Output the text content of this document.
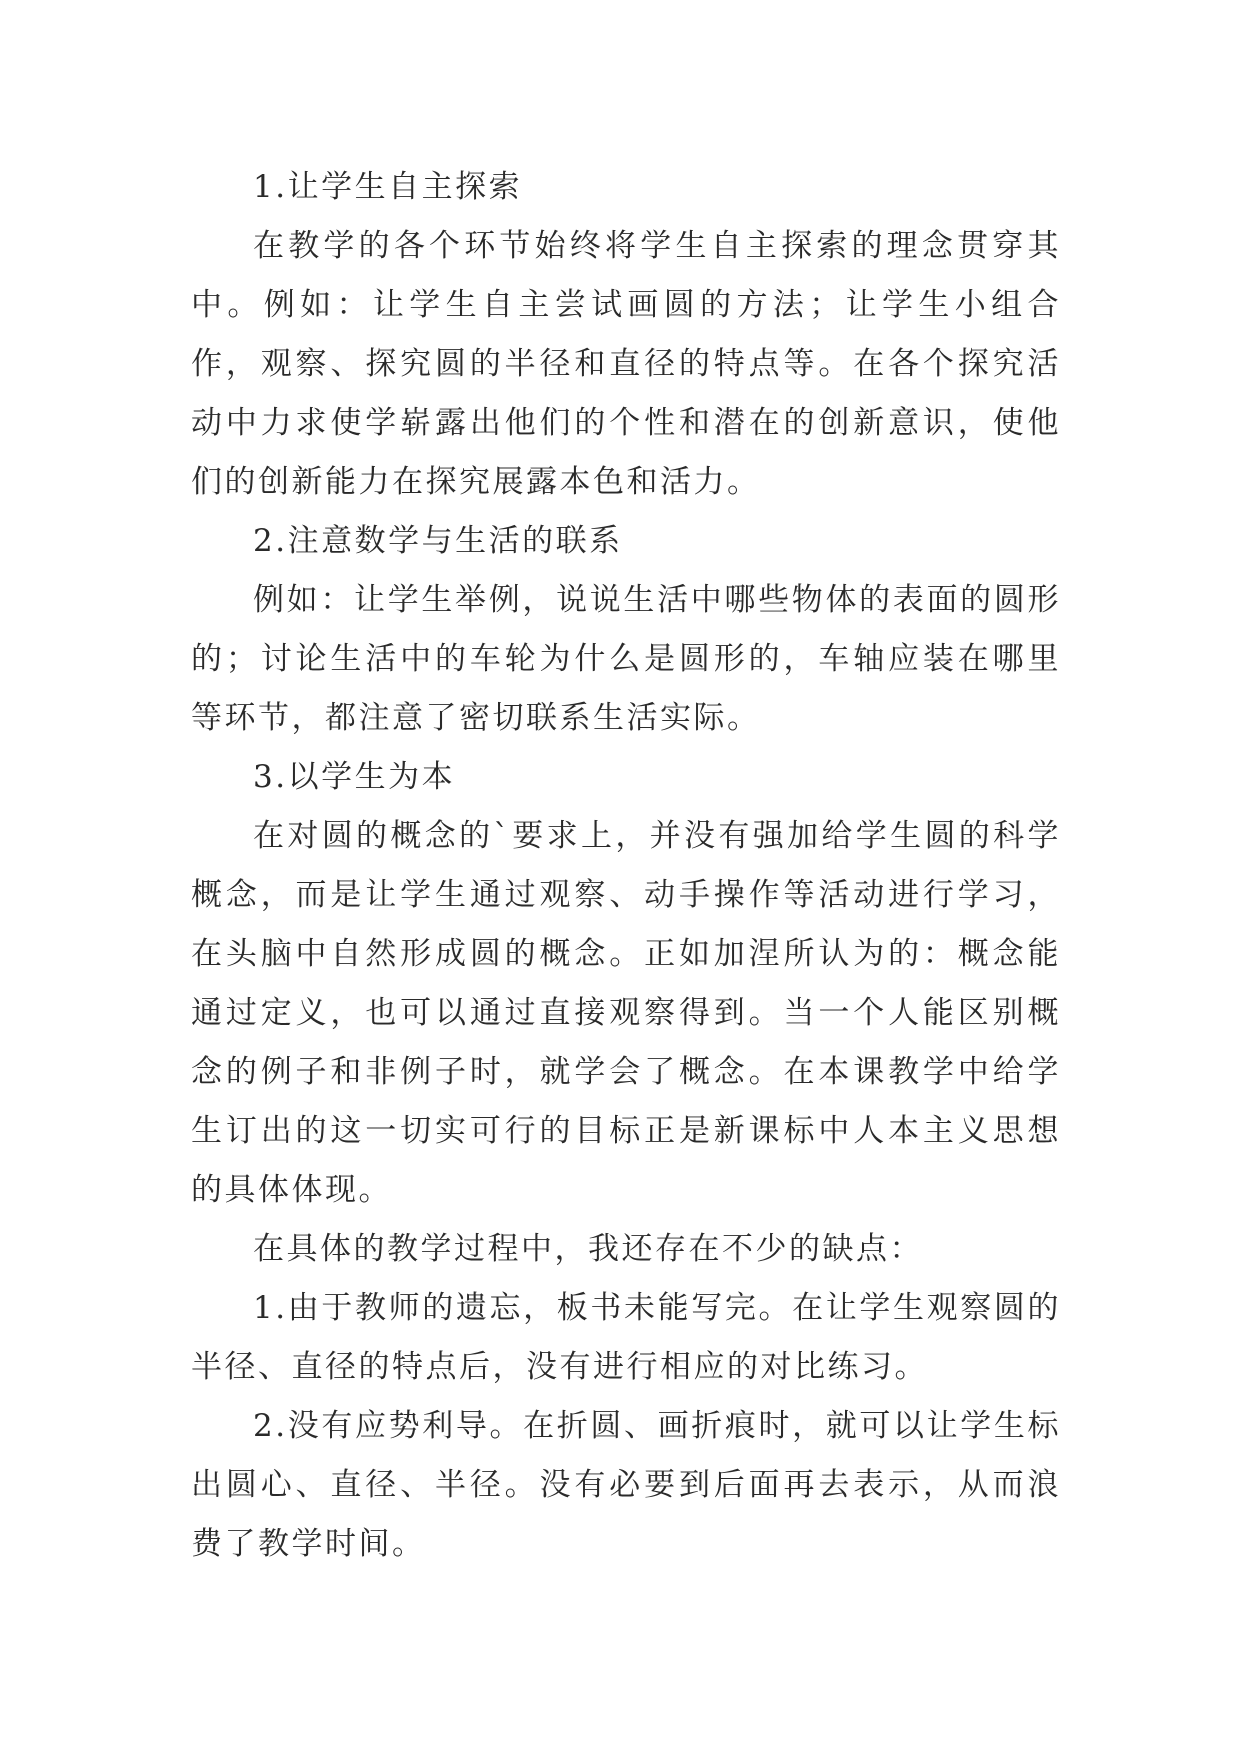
1.让学生自主探索

在教学的各个环节始终将学生自主探索的理念贯穿其中。例如：让学生自主尝试画圆的方法；让学生小组合作，观察、探究圆的半径和直径的特点等。在各个探究活动中力求使学崭露出他们的个性和潜在的创新意识，使他们的创新能力在探究展露本色和活力。

2.注意数学与生活的联系

例如：让学生举例，说说生活中哪些物体的表面的圆形的；讨论生活中的车轮为什么是圆形的，车轴应装在哪里等环节，都注意了密切联系生活实际。

3.以学生为本

在对圆的概念的`要求上，并没有强加给学生圆的科学概念，而是让学生通过观察、动手操作等活动进行学习，在头脑中自然形成圆的概念。正如加涅所认为的：概念能通过定义，也可以通过直接观察得到。当一个人能区别概念的例子和非例子时，就学会了概念。在本课教学中给学生订出的这一切实可行的目标正是新课标中人本主义思想的具体体现。

在具体的教学过程中，我还存在不少的缺点：

1.由于教师的遗忘，板书未能写完。在让学生观察圆的半径、直径的特点后，没有进行相应的对比练习。

2.没有应势利导。在折圆、画折痕时，就可以让学生标出圆心、直径、半径。没有必要到后面再去表示，从而浪费了教学时间。
